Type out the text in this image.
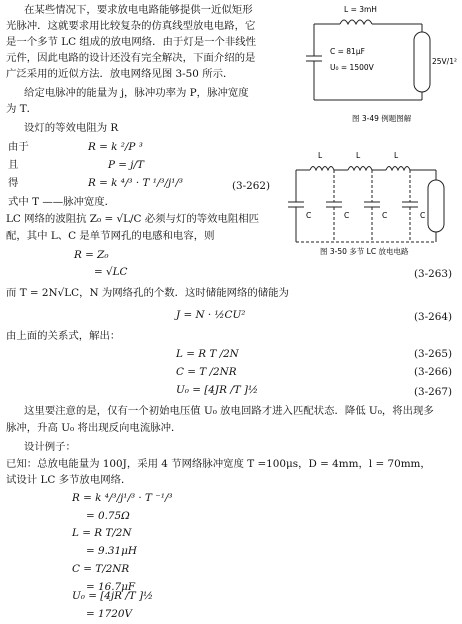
在某些情况下，要求放电电路能够提供一近似矩形
光脉冲．这就要求用比较复杂的仿真线型放电电路，它
是一个多节 LC 组成的放电网络．由于灯是一个非线性
元件，因此电路的设计还没有完全解决，下面介绍的是
广泛采用的近似方法．放电网络见图 3-50 所示．
给定电脉冲的能量为 j，脉冲功率为 P，脉冲宽度
为 T．
设灯的等效电阻为 R
由于	R = k ²/P ³
且	P = j/T
得	R = k ⁴/³ · T ¹/³/j¹/³	(3-262)
式中 T ——脉冲宽度．
LC 网络的波阻抗 Z₀ = √L/C 必须与灯的等效电阻相匹
配，其中 L、C 是单节网孔的电感和电容，则
R = Z₀
= √LC	(3-263)
而 T = 2N√LC，N 为网络孔的个数．这时储能网络的储能为
J = N · ½CU²	(3-264)
由上面的关系式，解出：
L = R T /2N	(3-265)
C = T /2NR	(3-266)
U₀ = [4JR /T ]½	(3-267)
这里要注意的是，仅有一个初始电压值 U₀ 放电回路才进入匹配状态．降低 U₀，将出现多
脉冲，升高 U₀ 将出现反向电流脉冲．
设计例子：
已知：总放电能量为 100J，采用 4 节网络脉冲宽度 T =100μs，D = 4mm，l = 70mm，
试设计 LC 多节放电网络．
R = k ⁴/³/j¹/³ · T ⁻¹/³
= 0.75Ω
L = R T/2N
= 9.31μH
C = T/2NR
= 16.7μF
U₀ = [4jR /T ]½
= 1720V
L = 3mH
C = 81μF
U₀ = 1500V
25V/1²
图 3-49 例题图解
L	L	L
C	C	C	C
图 3-50 多节 LC 放电电路
